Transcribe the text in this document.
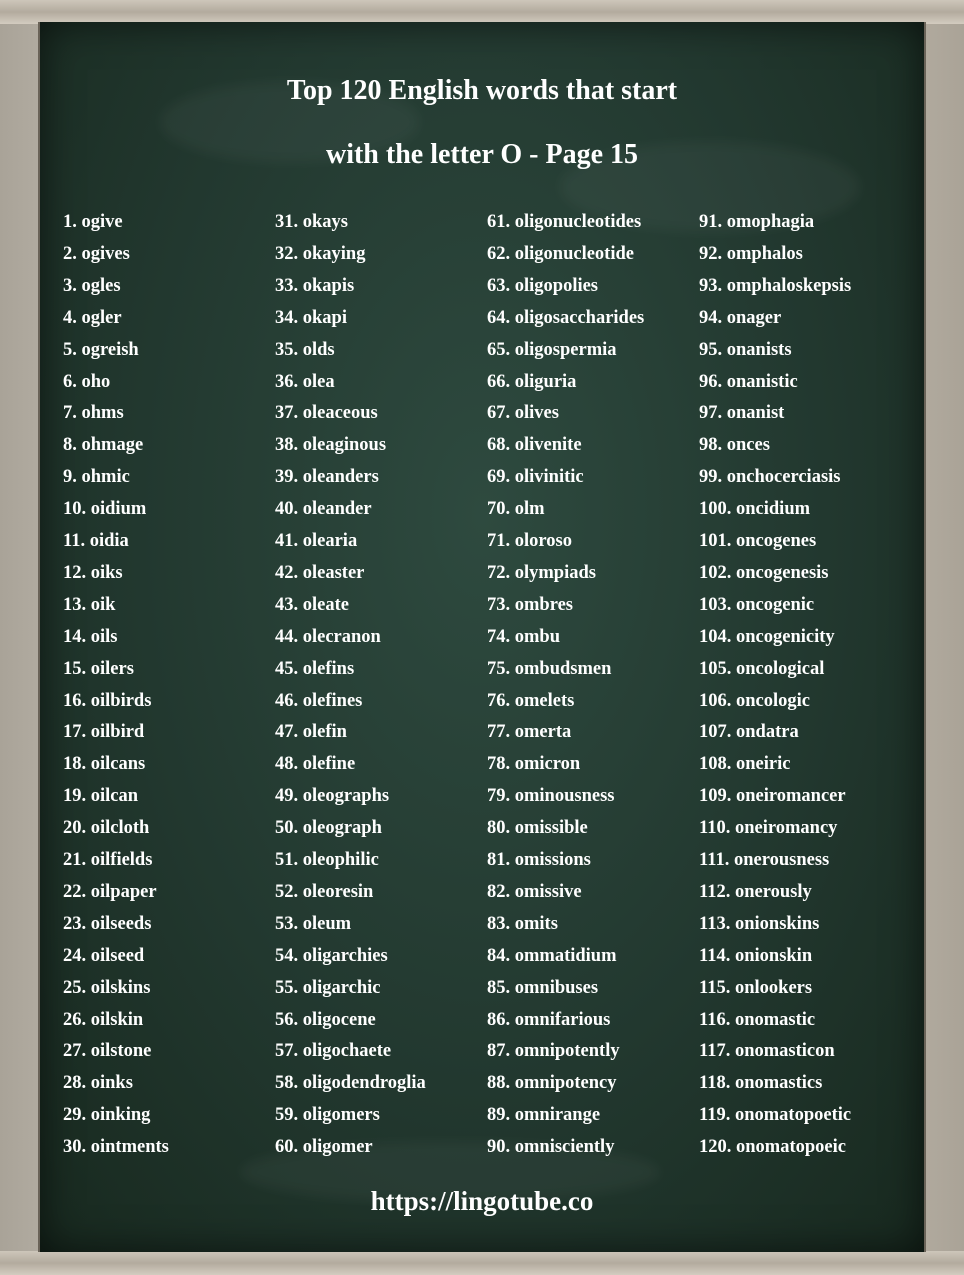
Top 120 English words that start
with the letter O - Page 15
1. ogive
2. ogives
3. ogles
4. ogler
5. ogreish
6. oho
7. ohms
8. ohmage
9. ohmic
10. oidium
11. oidia
12. oiks
13. oik
14. oils
15. oilers
16. oilbirds
17. oilbird
18. oilcans
19. oilcan
20. oilcloth
21. oilfields
22. oilpaper
23. oilseeds
24. oilseed
25. oilskins
26. oilskin
27. oilstone
28. oinks
29. oinking
30. ointments
31. okays
32. okaying
33. okapis
34. okapi
35. olds
36. olea
37. oleaceous
38. oleaginous
39. oleanders
40. oleander
41. olearia
42. oleaster
43. oleate
44. olecranon
45. olefins
46. olefines
47. olefin
48. olefine
49. oleographs
50. oleograph
51. oleophilic
52. oleoresin
53. oleum
54. oligarchies
55. oligarchic
56. oligocene
57. oligochaete
58. oligodendroglia
59. oligomers
60. oligomer
61. oligonucleotides
62. oligonucleotide
63. oligopolies
64. oligosaccharides
65. oligospermia
66. oliguria
67. olives
68. olivenite
69. olivinitic
70. olm
71. oloroso
72. olympiads
73. ombres
74. ombu
75. ombudsmen
76. omelets
77. omerta
78. omicron
79. ominousness
80. omissible
81. omissions
82. omissive
83. omits
84. ommatidium
85. omnibuses
86. omnifarious
87. omnipotently
88. omnipotency
89. omnirange
90. omnisciently
91. omophagia
92. omphalos
93. omphaloskepsis
94. onager
95. onanists
96. onanistic
97. onanist
98. onces
99. onchocerciasis
100. oncidium
101. oncogenes
102. oncogenesis
103. oncogenic
104. oncogenicity
105. oncological
106. oncologic
107. ondatra
108. oneiric
109. oneiromancer
110. oneiromancy
111. onerousness
112. onerously
113. onionskins
114. onionskin
115. onlookers
116. onomastic
117. onomasticon
118. onomastics
119. onomatopoetic
120. onomatopoeic
https://lingotube.co
